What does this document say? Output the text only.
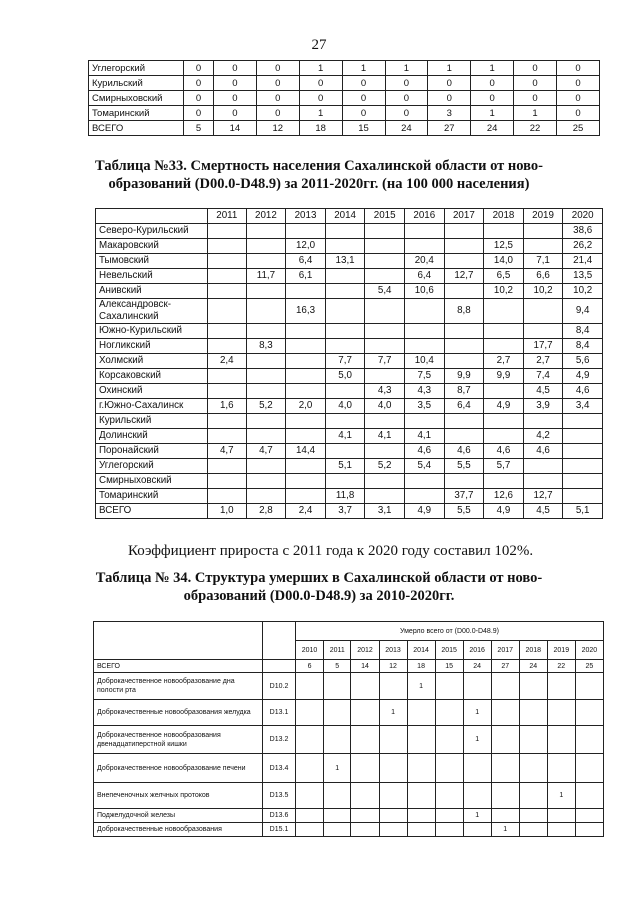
27
Углегорский	0	0	0	1	1	1	1	1	0	0
Курильский	0	0	0	0	0	0	0	0	0	0
Смирныховский	0	0	0	0	0	0	0	0	0	0
Томаринский	0	0	0	1	0	0	3	1	1	0
ВСЕГО	5	14	12	18	15	24	27	24	22	25
Таблица №33. Смертность населения Сахалинской области от ново-образований (D00.0-D48.9) за 2011-2020гг. (на 100 000 населения)
	2011	2012	2013	2014	2015	2016	2017	2018	2019	2020
Северо-Курильский										38,6
Макаровский			12,0					12,5		26,2
Тымовский			6,4	13,1		20,4		14,0	7,1	21,4
Невельский		11,7	6,1			6,4	12,7	6,5	6,6	13,5
Анивский					5,4	10,6		10,2	10,2	10,2
Александровск-Сахалинский			16,3				8,8			9,4
Южно-Курильский										8,4
Ногликский		8,3							17,7	8,4
Холмский	2,4			7,7	7,7	10,4		2,7	2,7	5,6
Корсаковский				5,0		7,5	9,9	9,9	7,4	4,9
Охинский					4,3	4,3	8,7		4,5	4,6
г.Южно-Сахалинск	1,6	5,2	2,0	4,0	4,0	3,5	6,4	4,9	3,9	3,4
Курильский										
Долинский				4,1	4,1	4,1			4,2	
Поронайский	4,7	4,7	14,4			4,6	4,6	4,6	4,6	
Углегорский				5,1	5,2	5,4	5,5	5,7		
Смирныховский										
Томаринский				11,8			37,7	12,6	12,7	
ВСЕГО	1,0	2,8	2,4	3,7	3,1	4,9	5,5	4,9	4,5	5,1
Коэффициент прироста с 2011 года к 2020 году составил 102%.
Таблица № 34. Структура умерших в Сахалинской области от ново-образований (D00.0-D48.9) за 2010-2020гг.
		Умерло всего от (D00.0-D48.9)										
		2010	2011	2012	2013	2014	2015	2016	2017	2018	2019	2020
ВСЕГО		6	5	14	12	18	15	24	27	24	22	25
Доброкачественное новообразование дна полости рта	D10.2					1						
Доброкачественные новообразования желудка	D13.1				1			1				
Доброкачественное новообразования двенадцатиперстной кишки	D13.2							1				
Доброкачественное новообразование печени	D13.4		1									
Внепеченочных желчных протоков	D13.5										1	
Поджелудочной железы	D13.6							1				
Доброкачественные новообразования	D15.1								1			
